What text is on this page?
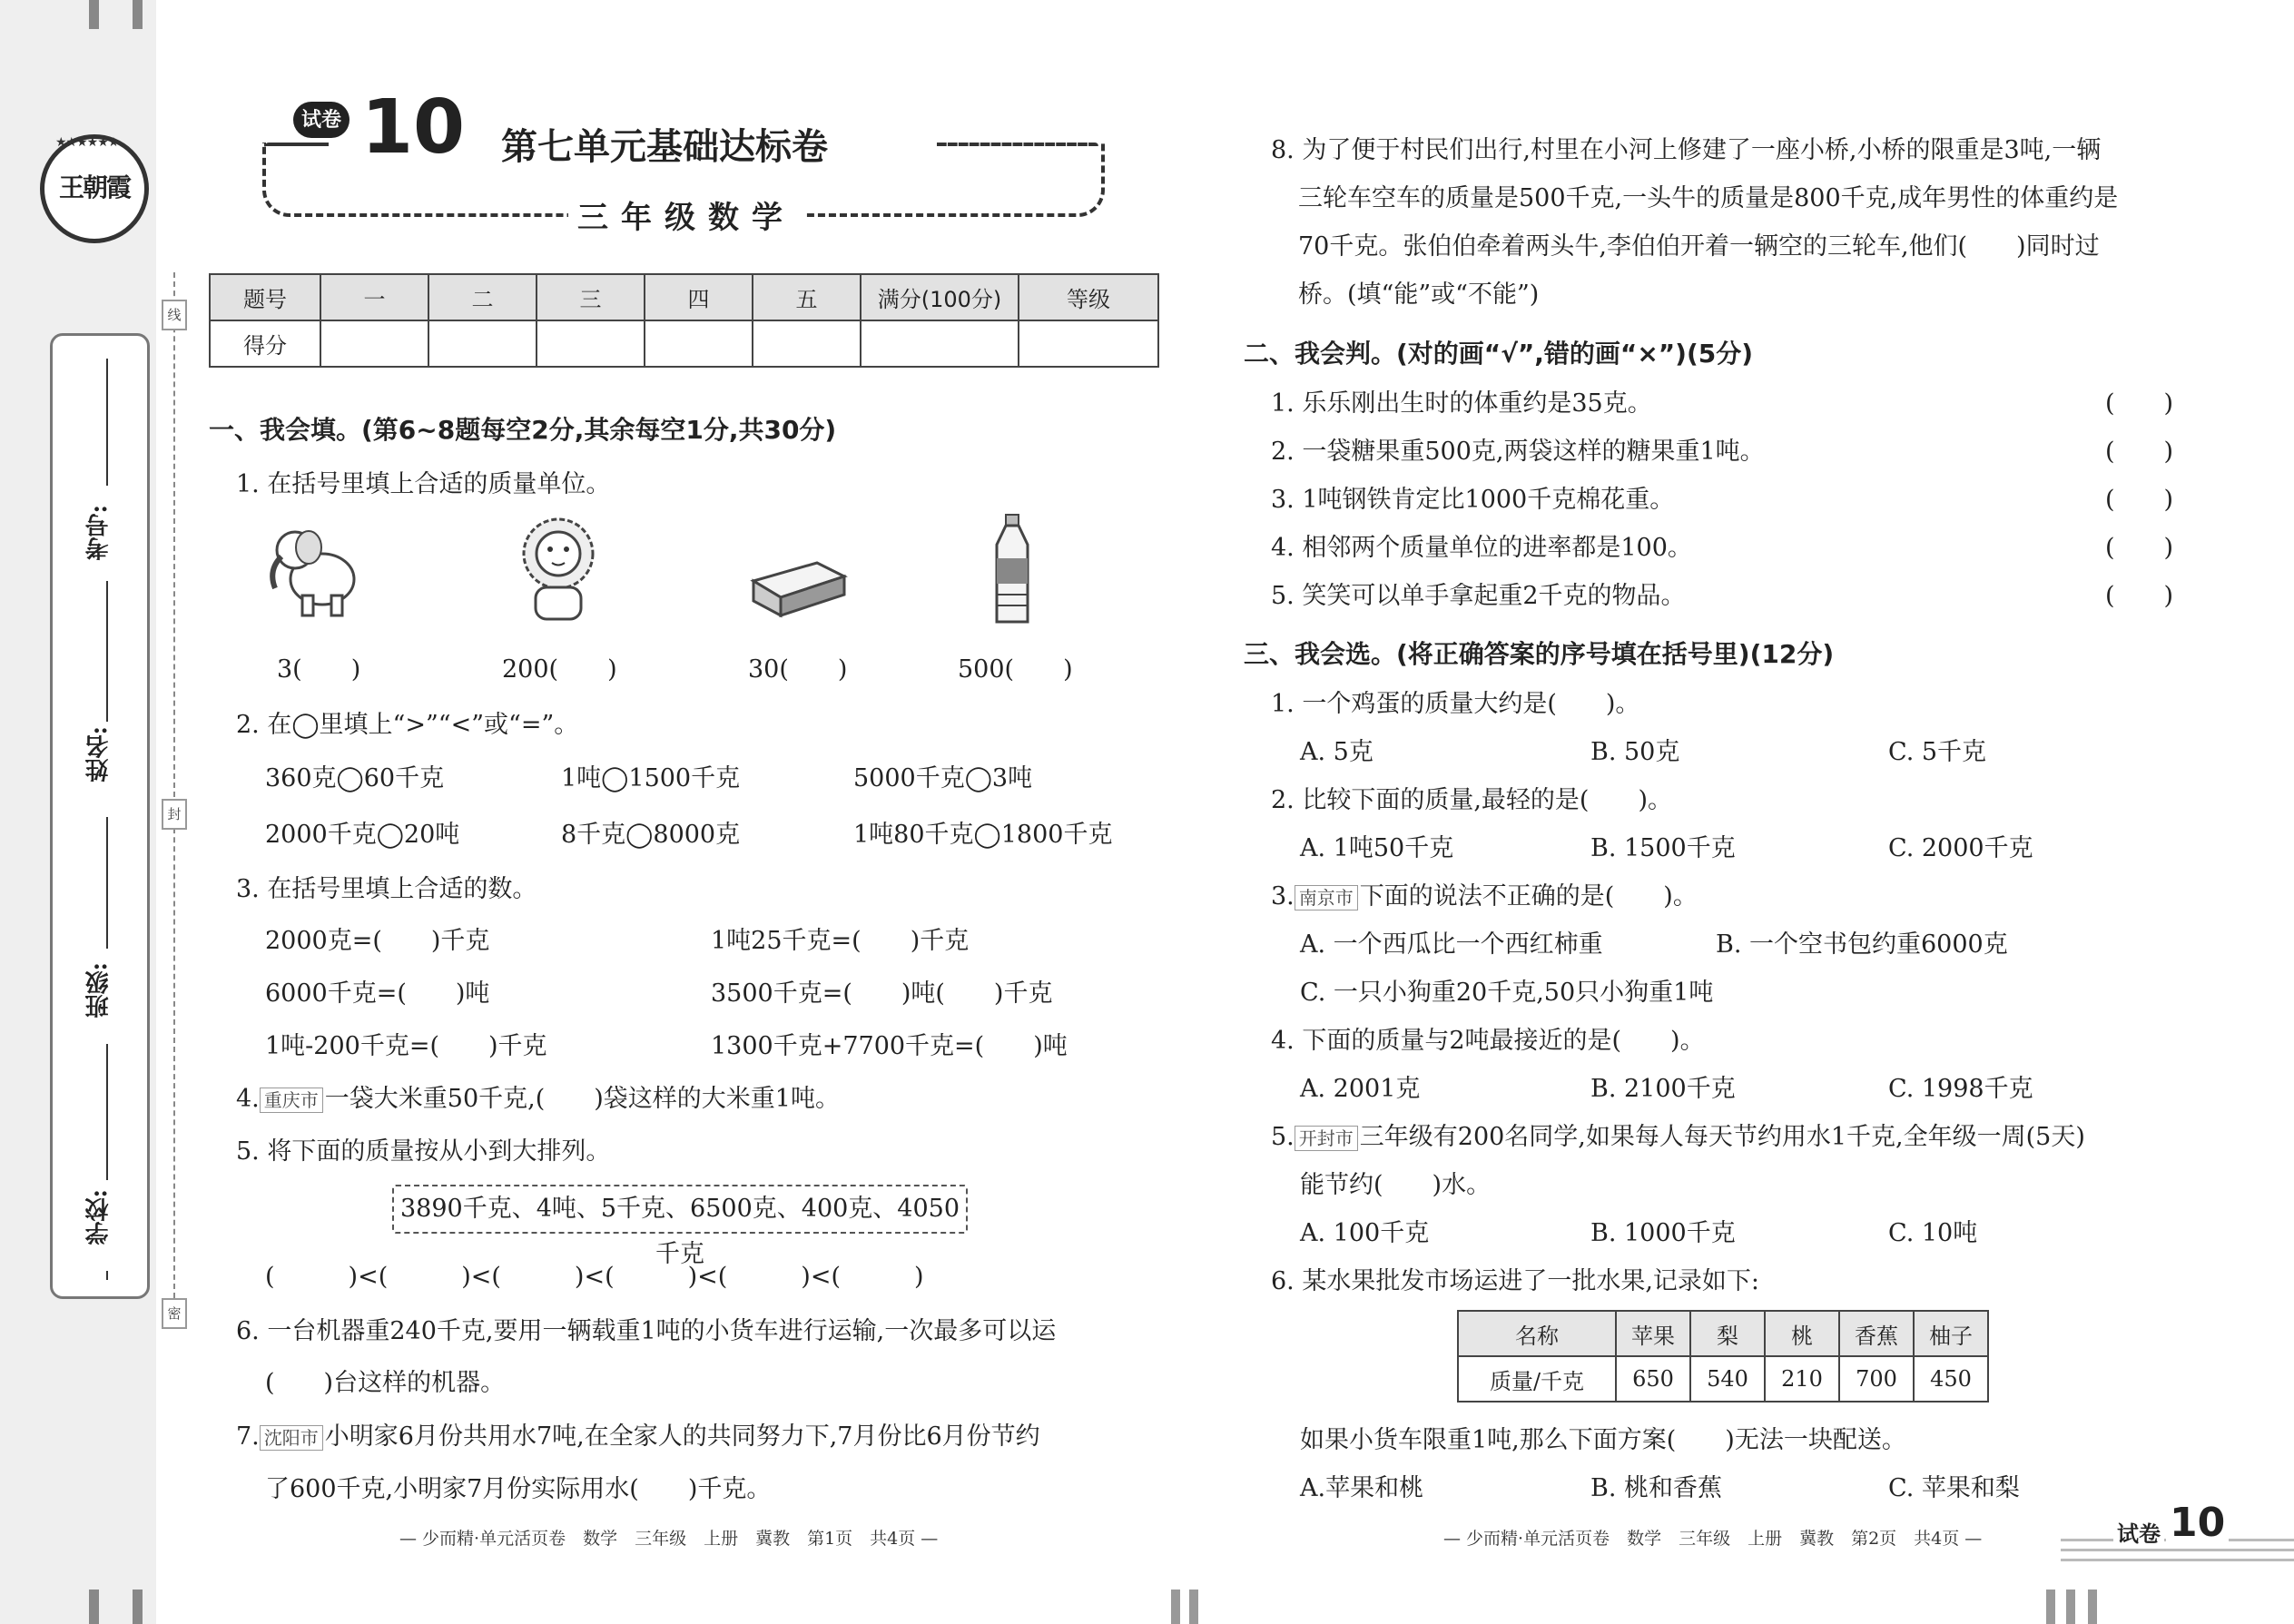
★★★★★★
王朝霞
考号:
姓名:
班级:
学校:
线
封
密
试卷 10 第七单元基础达标卷
三年级数学
题号	一	二	三	四	五	满分(100分)	等级
得分							
一、我会填。(第6~8题每空2分,其余每空1分,共30分)
1. 在括号里填上合适的质量单位。
3(　　)	200(　　)	30(　　)	500(　　)
2. 在◯里填上“>”“<”或“=”。
360克◯60千克	1吨◯1500千克	5000千克◯3吨
2000千克◯20吨	8千克◯8000克	1吨80千克◯1800千克
3. 在括号里填上合适的数。
2000克=(　　)千克	1吨25千克=(　　)千克
6000千克=(　　)吨	3500千克=(　　)吨(　　)千克
1吨-200千克=(　　)千克	1300千克+7700千克=(　　)吨
4. 重庆市 一袋大米重50千克,(　　)袋这样的大米重1吨。
5. 将下面的质量按从小到大排列。
3890千克、4吨、5千克、6500克、400克、4050千克
(　　　)<(　　　)<(　　　)<(　　　)<(　　　)<(　　　)
6. 一台机器重240千克,要用一辆载重1吨的小货车进行运输,一次最多可以运
(　　)台这样的机器。
7. 沈阳市 小明家6月份共用水7吨,在全家人的共同努力下,7月份比6月份节约
了600千克,小明家7月份实际用水(　　)千克。
— 少而精·单元活页卷　数学　三年级　上册　冀教　第1页　共4页 —
8. 为了便于村民们出行,村里在小河上修建了一座小桥,小桥的限重是3吨,一辆
三轮车空车的质量是500千克,一头牛的质量是800千克,成年男性的体重约是
70千克。张伯伯牵着两头牛,李伯伯开着一辆空的三轮车,他们(　　)同时过
桥。(填“能”或“不能”)
二、我会判。(对的画“√”,错的画“×”)(5分)
1. 乐乐刚出生时的体重约是35克。	(　　)
2. 一袋糖果重500克,两袋这样的糖果重1吨。	(　　)
3. 1吨钢铁肯定比1000千克棉花重。	(　　)
4. 相邻两个质量单位的进率都是100。	(　　)
5. 笑笑可以单手拿起重2千克的物品。	(　　)
三、我会选。(将正确答案的序号填在括号里)(12分)
1. 一个鸡蛋的质量大约是(　　)。
A. 5克	B. 50克	C. 5千克
2. 比较下面的质量,最轻的是(　　)。
A. 1吨50千克	B. 1500千克	C. 2000千克
3. 南京市 下面的说法不正确的是(　　)。
A. 一个西瓜比一个西红柿重	B. 一个空书包约重6000克
C. 一只小狗重20千克,50只小狗重1吨
4. 下面的质量与2吨最接近的是(　　)。
A. 2001克	B. 2100千克	C. 1998千克
5. 开封市 三年级有200名同学,如果每人每天节约用水1千克,全年级一周(5天)
能节约(　　)水。
A. 100千克	B. 1000千克	C. 10吨
6. 某水果批发市场运进了一批水果,记录如下:
名称	苹果	梨	桃	香蕉	柚子
质量/千克	650	540	210	700	450
如果小货车限重1吨,那么下面方案(　　)无法一块配送。
A.苹果和桃	B. 桃和香蕉	C. 苹果和梨
— 少而精·单元活页卷　数学　三年级　上册　冀教　第2页　共4页 —	试卷 10
